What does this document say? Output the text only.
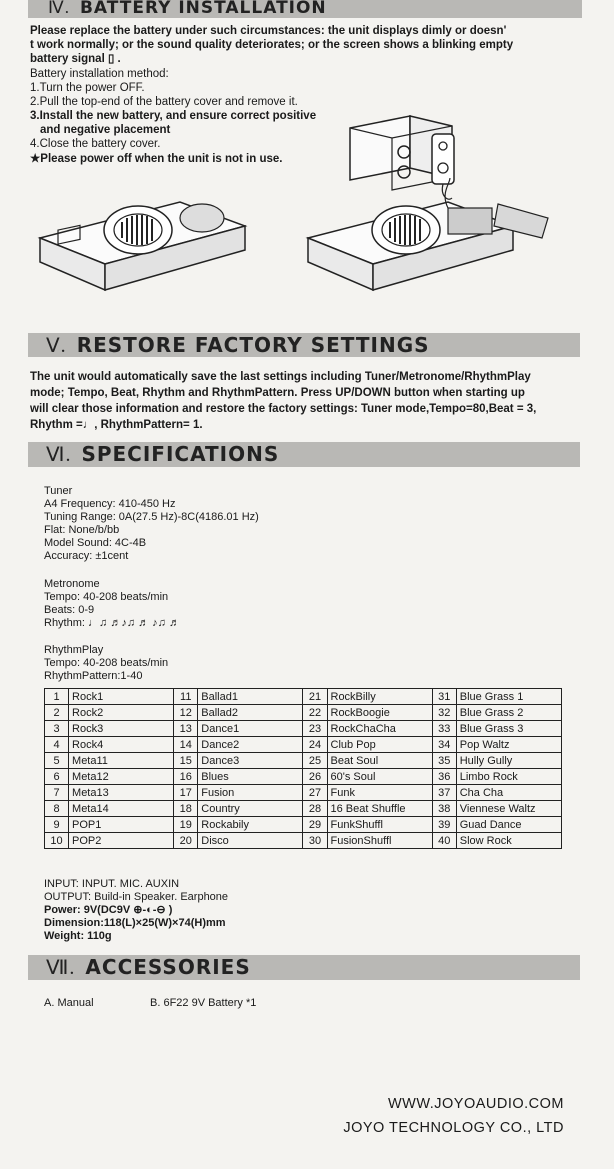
Ⅳ. BATTERY INSTALLATION
Please replace the battery under such circumstances: the unit displays dimly or doesn'
t work normally; or the sound quality deteriorates; or the screen shows a blinking empty
battery signal ▯ .
Battery installation method:
1.Turn the power OFF.
2.Pull the top-end of the battery cover and remove it.
3.Install the new battery, and ensure correct positive
and negative placement
4.Close the battery cover.
★Please power off when the unit is not in use.
Ⅴ. RESTORE FACTORY SETTINGS
The unit would automatically save the last settings including Tuner/Metronome/RhythmPlay
mode; Tempo, Beat, Rhythm and RhythmPattern. Press UP/DOWN button when starting up
will clear those information and restore the factory settings: Tuner mode,Tempo=80,Beat = 3,
Rhythm =♩, RhythmPattern= 1.
Ⅵ. SPECIFICATIONS
Tuner
A4 Frequency: 410-450 Hz
Tuning Range: 0A(27.5 Hz)-8C(4186.01 Hz)
Flat: None/b/bb
Model Sound: 4C-4B
Accuracy: ±1cent
Metronome
Tempo: 40-208 beats/min
Beats: 0-9
Rhythm: ♩♫ ♬♪♫ ♬ ♪♫ ♬
RhythmPlay
Tempo: 40-208 beats/min
RhythmPattern:1-40
1	Rock1	11	Ballad1	21	RockBilly	31	Blue Grass 1
2	Rock2	12	Ballad2	22	RockBoogie	32	Blue Grass 2
3	Rock3	13	Dance1	23	RockChaCha	33	Blue Grass 3
4	Rock4	14	Dance2	24	Club Pop	34	Pop Waltz
5	Meta11	15	Dance3	25	Beat Soul	35	Hully Gully
6	Meta12	16	Blues	26	60's Soul	36	Limbo Rock
7	Meta13	17	Fusion	27	Funk	37	Cha Cha
8	Meta14	18	Country	28	16 Beat Shuffle	38	Viennese Waltz
9	POP1	19	Rockabily	29	FunkShuffl	39	Guad Dance
10	POP2	20	Disco	30	FusionShuffl	40	Slow Rock
INPUT: INPUT. MIC. AUXIN
OUTPUT: Build-in Speaker. Earphone
Power: 9V(DC9V ⊕-◐-⊖ )
Dimension:118(L)×25(W)×74(H)mm
Weight: 110g
Ⅶ. ACCESSORIES
A. Manual	B. 6F22 9V Battery *1
WWW.JOYOAUDIO.COM
JOYO TECHNOLOGY CO., LTD
